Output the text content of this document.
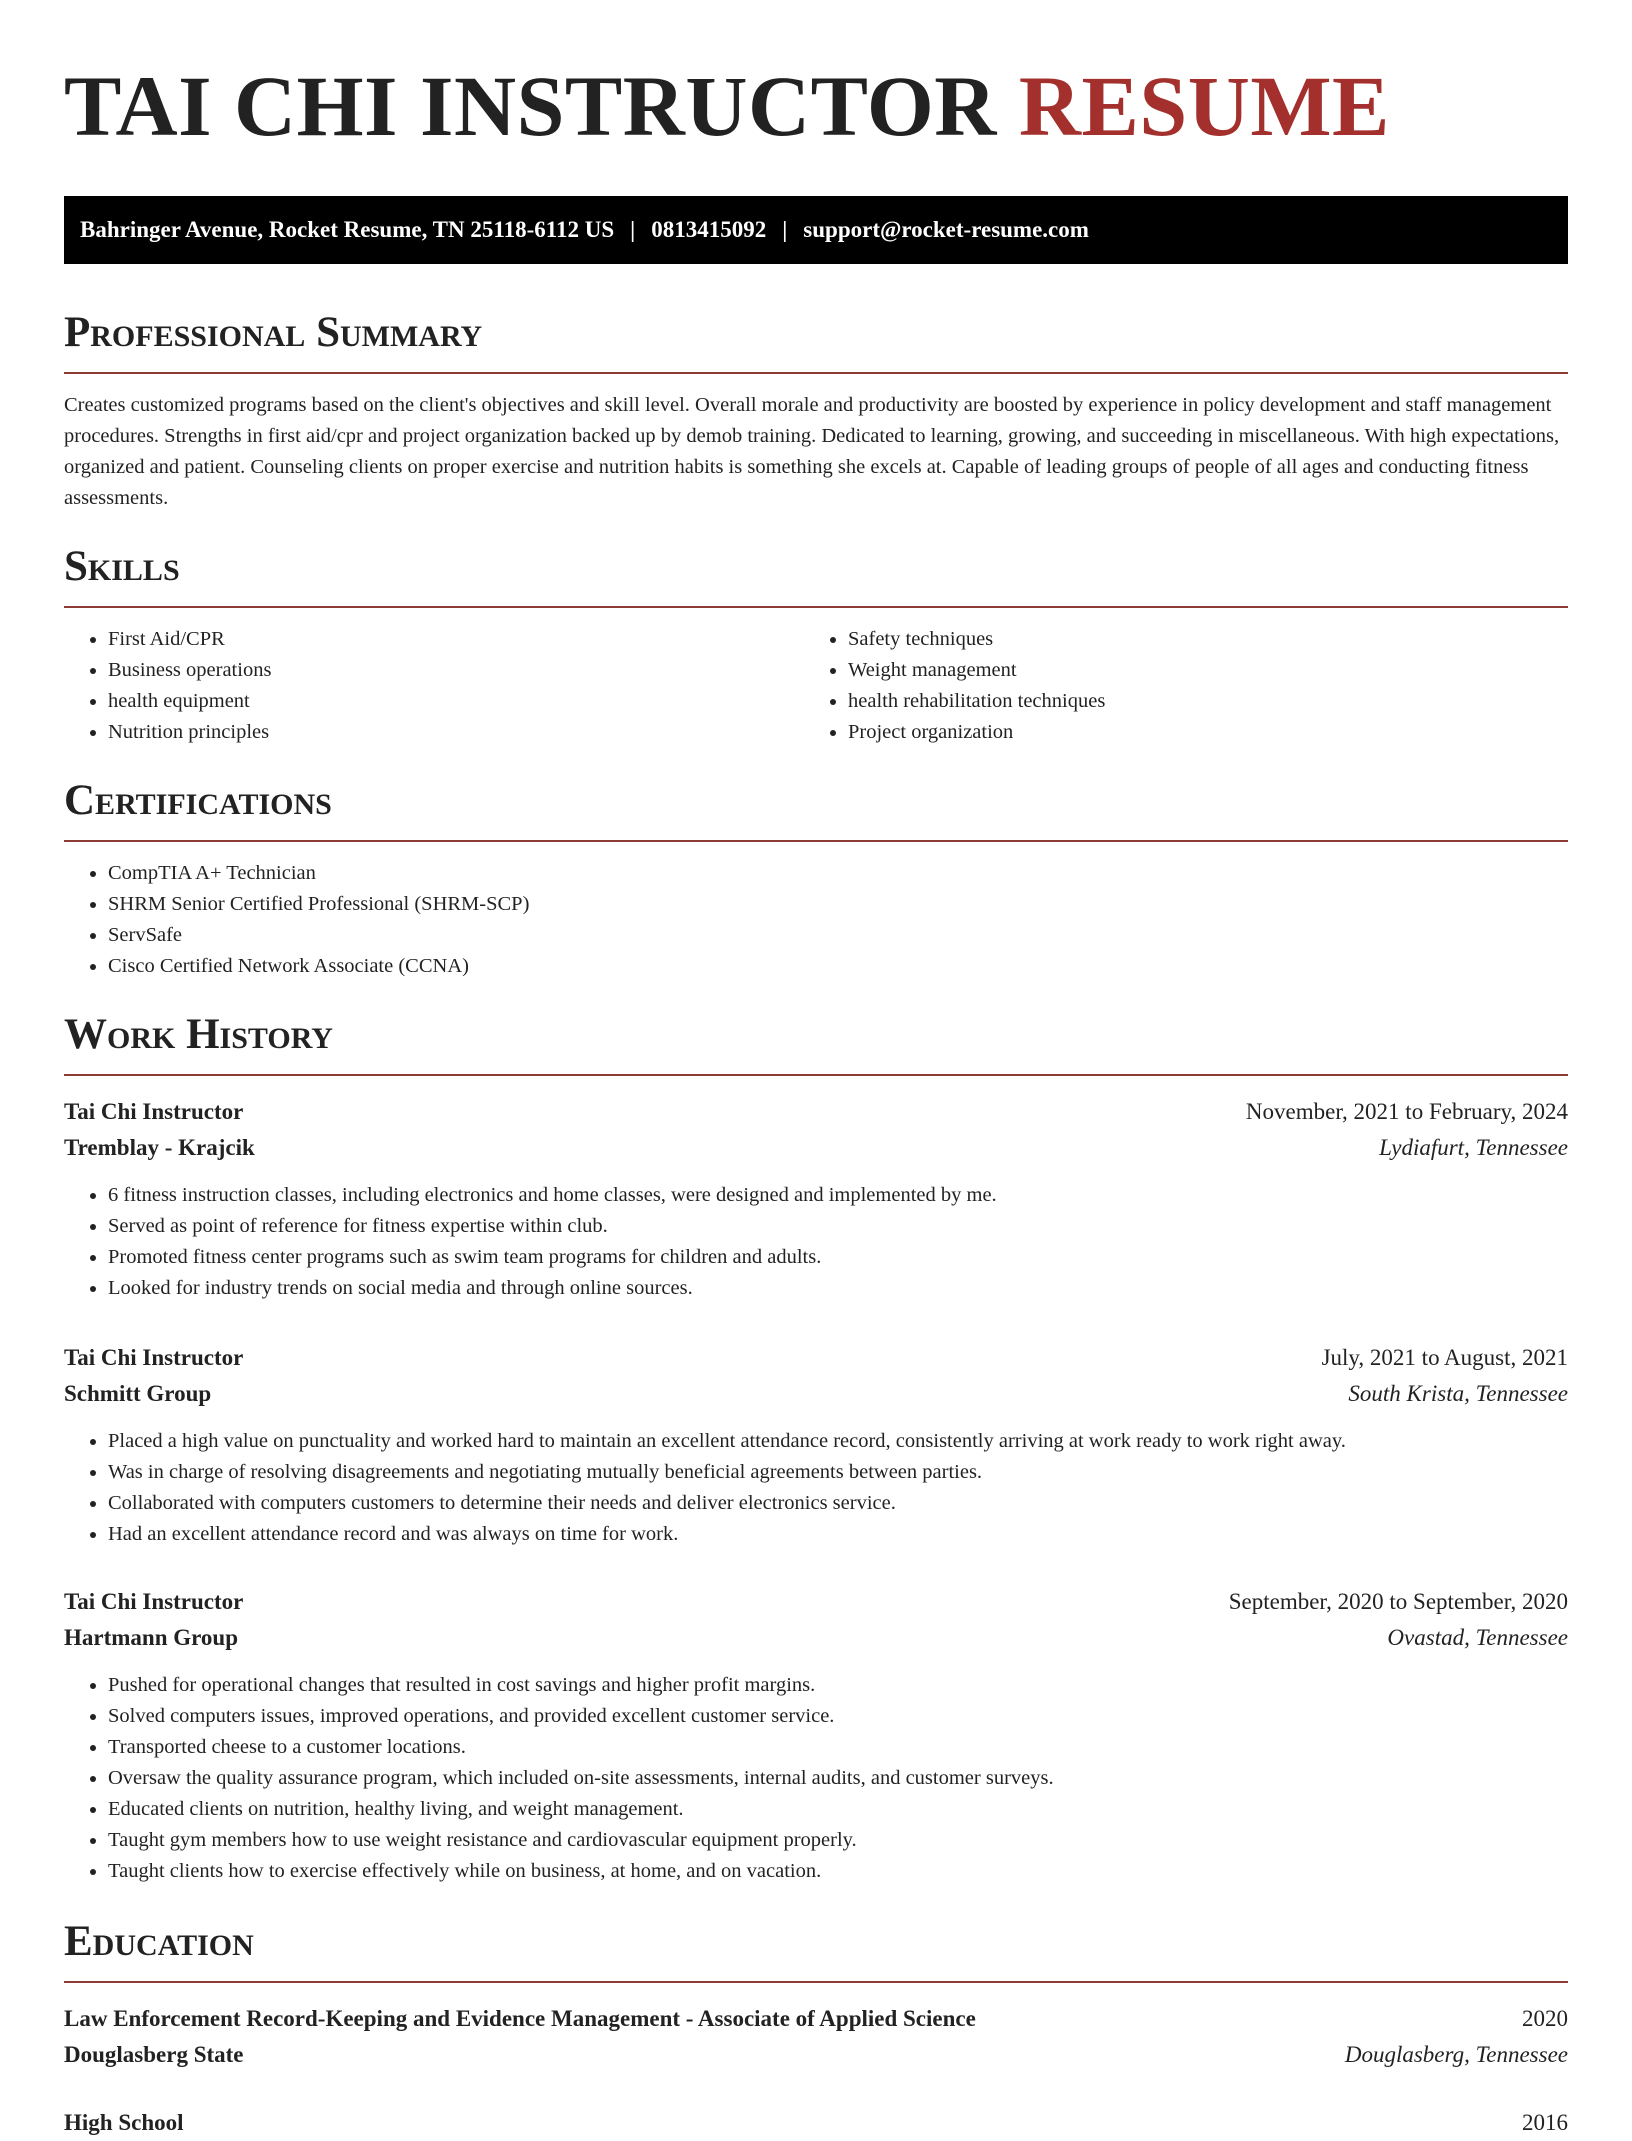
TAI CHI INSTRUCTOR RESUME
Bahringer Avenue, Rocket Resume, TN 25118-6112 US | 0813415092 | support@rocket-resume.com
Professional Summary

Creates customized programs based on the client's objectives and skill level. Overall morale and productivity are boosted by experience in policy development and staff management procedures. Strengths in first aid/cpr and project organization backed up by demob training. Dedicated to learning, growing, and succeeding in miscellaneous. With high expectations, organized and patient. Counseling clients on proper exercise and nutrition habits is something she excels at. Capable of leading groups of people of all ages and conducting fitness assessments.

Skills
• First Aid/CPR
• Business operations
• health equipment
• Nutrition principles
• Safety techniques
• Weight management
• health rehabilitation techniques
• Project organization
Certifications
• CompTIA A+ Technician
• SHRM Senior Certified Professional (SHRM-SCP)
• ServSafe
• Cisco Certified Network Associate (CCNA)
Work History
Tai Chi Instructor	November, 2021 to February, 2024
Tremblay - Krajcik	Lydiafurt, Tennessee
• 6 fitness instruction classes, including electronics and home classes, were designed and implemented by me.
• Served as point of reference for fitness expertise within club.
• Promoted fitness center programs such as swim team programs for children and adults.
• Looked for industry trends on social media and through online sources.
Tai Chi Instructor	July, 2021 to August, 2021
Schmitt Group	South Krista, Tennessee
• Placed a high value on punctuality and worked hard to maintain an excellent attendance record, consistently arriving at work ready to work right away.
• Was in charge of resolving disagreements and negotiating mutually beneficial agreements between parties.
• Collaborated with computers customers to determine their needs and deliver electronics service.
• Had an excellent attendance record and was always on time for work.
Tai Chi Instructor	September, 2020 to September, 2020
Hartmann Group	Ovastad, Tennessee
• Pushed for operational changes that resulted in cost savings and higher profit margins.
• Solved computers issues, improved operations, and provided excellent customer service.
• Transported cheese to a customer locations.
• Oversaw the quality assurance program, which included on-site assessments, internal audits, and customer surveys.
• Educated clients on nutrition, healthy living, and weight management.
• Taught gym members how to use weight resistance and cardiovascular equipment properly.
• Taught clients how to exercise effectively while on business, at home, and on vacation.
Education
Law Enforcement Record-Keeping and Evidence Management - Associate of Applied Science	2020
Douglasberg State	Douglasberg, Tennessee
High School	2016
